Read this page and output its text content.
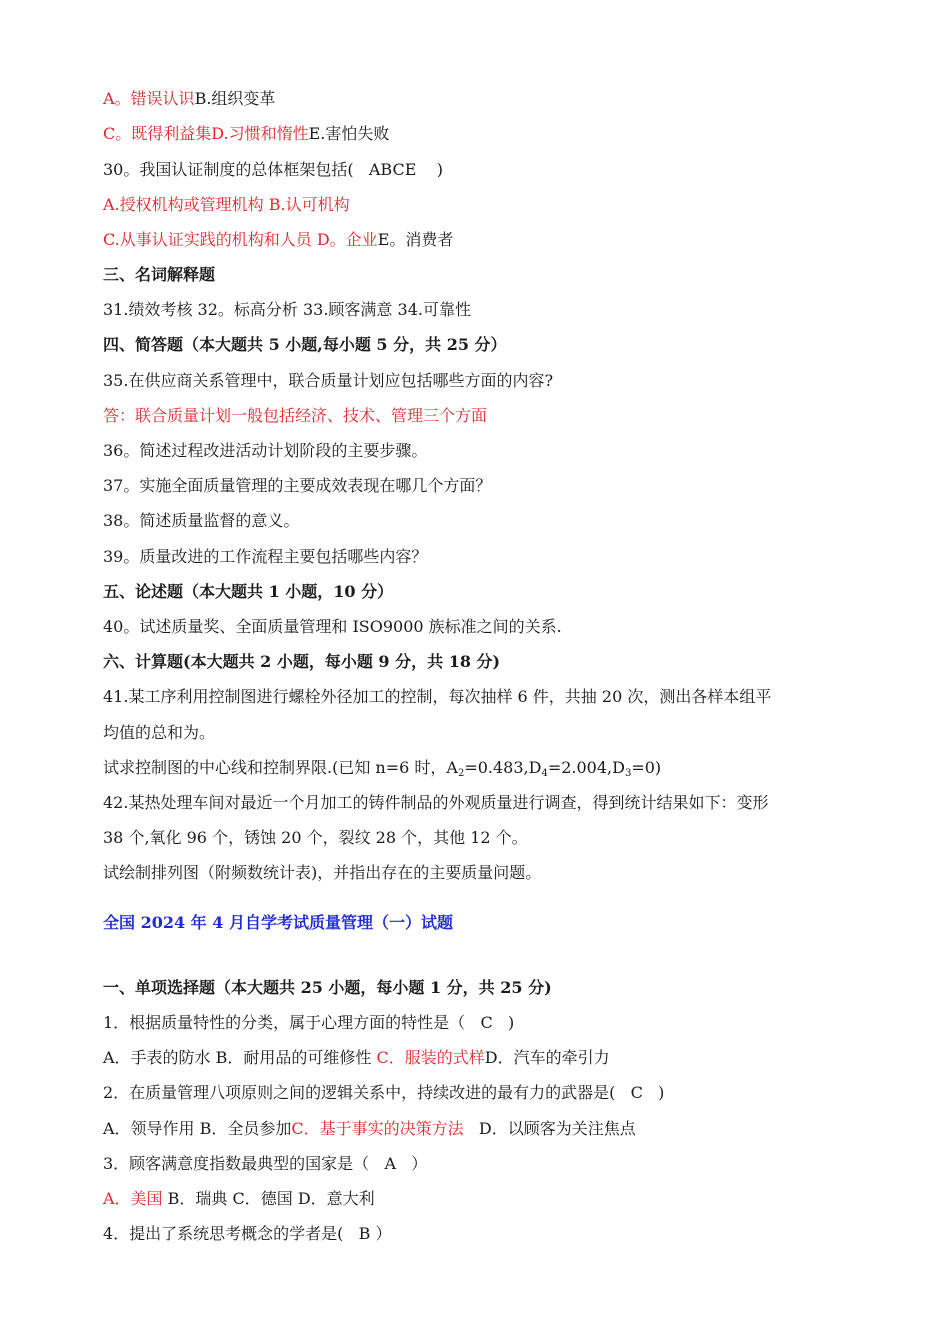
A。错误认识B.组织变革
C。既得利益集D.习惯和惰性E.害怕失败
30。我国认证制度的总体框架包括(   ABCE    )
A.授权机构或管理机构 B.认可机构
C.从事认证实践的机构和人员 D。企业E。消费者
三、名词解释题
31.绩效考核 32。标高分析 33.顾客满意 34.可靠性
四、简答题（本大题共 5 小题,每小题 5 分，共 25 分）
35.在供应商关系管理中，联合质量计划应包括哪些方面的内容?
答：联合质量计划一般包括经济、技术、管理三个方面
36。简述过程改进活动计划阶段的主要步骤。
37。实施全面质量管理的主要成效表现在哪几个方面？
38。简述质量监督的意义。
39。质量改进的工作流程主要包括哪些内容？
五、论述题（本大题共 1 小题，10 分）
40。试述质量奖、全面质量管理和 ISO9000 族标准之间的关系.
六、计算题(本大题共 2 小题，每小题 9 分，共 18 分)
41.某工序利用控制图进行螺栓外径加工的控制，每次抽样 6 件，共抽 20 次，测出各样本组平
均值的总和为。
试求控制图的中心线和控制界限.(已知 n=6 时，$A_2=0.483,D_4=2.004,D_3=0$)
42.某热处理车间对最近一个月加工的铸件制品的外观质量进行调查，得到统计结果如下：变形
38 个,氧化 96 个，锈蚀 20 个，裂纹 28 个，其他 12 个。
试绘制排列图（附频数统计表)，并指出存在的主要质量问题。
全国 2024 年 4 月自学考试质量管理（一）试题
一、单项选择题（本大题共 25 小题，每小题 1 分，共 25 分)
1．根据质量特性的分类，属于心理方面的特性是（   C   )
A．手表的防水 B．耐用品的可维修性 C．服装的式样D．汽车的牵引力
2．在质量管理八项原则之间的逻辑关系中，持续改进的最有力的武器是(   C   )
A．领导作用 B．全员参加C．基于事实的决策方法   D．以顾客为关注焦点
3．顾客满意度指数最典型的国家是（   A   ）
A．美国 B．瑞典 C．德国 D．意大利
4．提出了系统思考概念的学者是(   B ）
